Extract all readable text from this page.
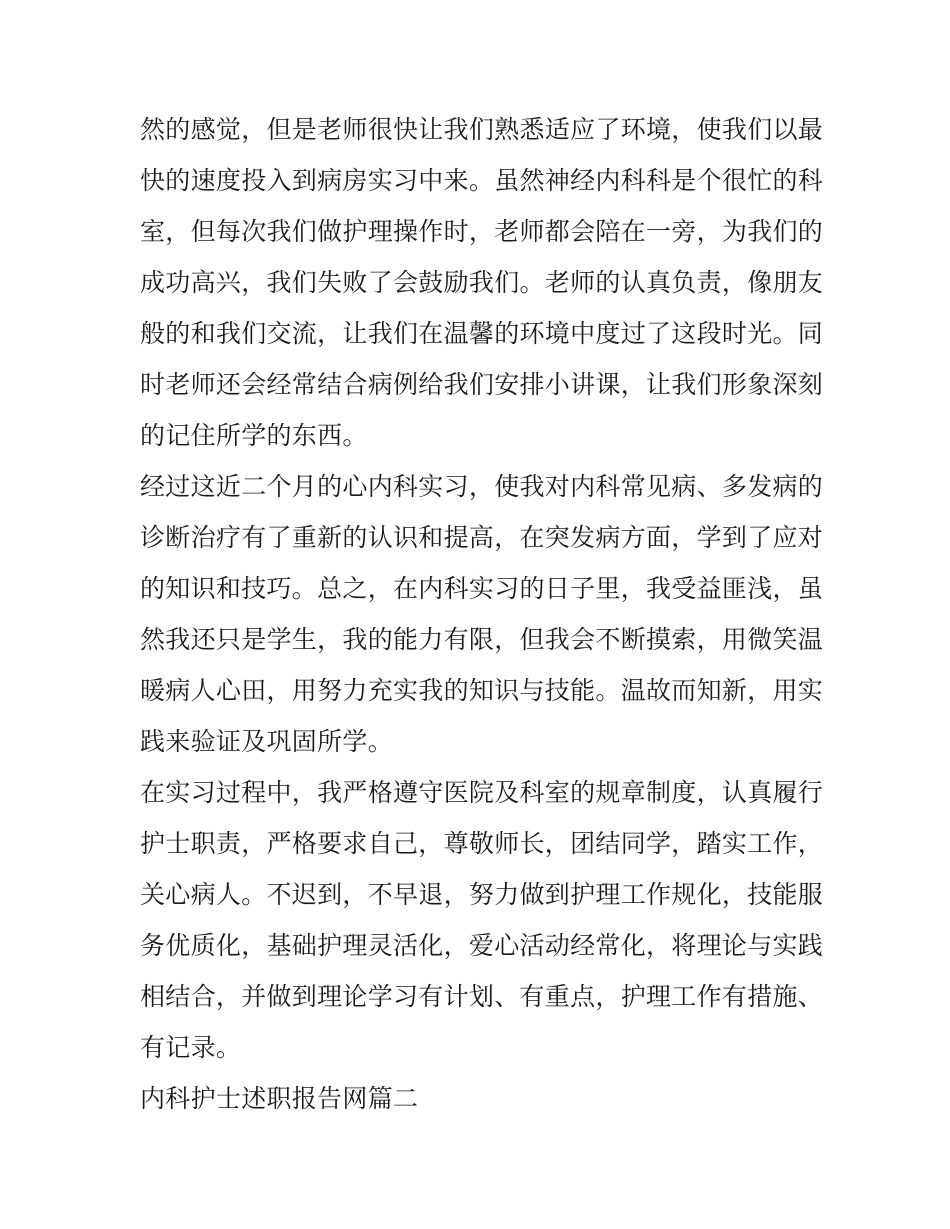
然的感觉，但是老师很快让我们熟悉适应了环境，使我们以最
快的速度投入到病房实习中来。虽然神经内科科是个很忙的科
室，但每次我们做护理操作时，老师都会陪在一旁，为我们的
成功高兴，我们失败了会鼓励我们。老师的认真负责，像朋友
般的和我们交流，让我们在温馨的环境中度过了这段时光。同
时老师还会经常结合病例给我们安排小讲课，让我们形象深刻
的记住所学的东西。
经过这近二个月的心内科实习，使我对内科常见病、多发病的
诊断治疗有了重新的认识和提高，在突发病方面，学到了应对
的知识和技巧。总之，在内科实习的日子里，我受益匪浅，虽
然我还只是学生，我的能力有限，但我会不断摸索，用微笑温
暖病人心田，用努力充实我的知识与技能。温故而知新，用实
践来验证及巩固所学。
在实习过程中，我严格遵守医院及科室的规章制度，认真履行
护士职责，严格要求自己，尊敬师长，团结同学，踏实工作，
关心病人。不迟到，不早退，努力做到护理工作规化，技能服
务优质化，基础护理灵活化，爱心活动经常化，将理论与实践
相结合，并做到理论学习有计划、有重点，护理工作有措施、
有记录。
内科护士述职报告网篇二
